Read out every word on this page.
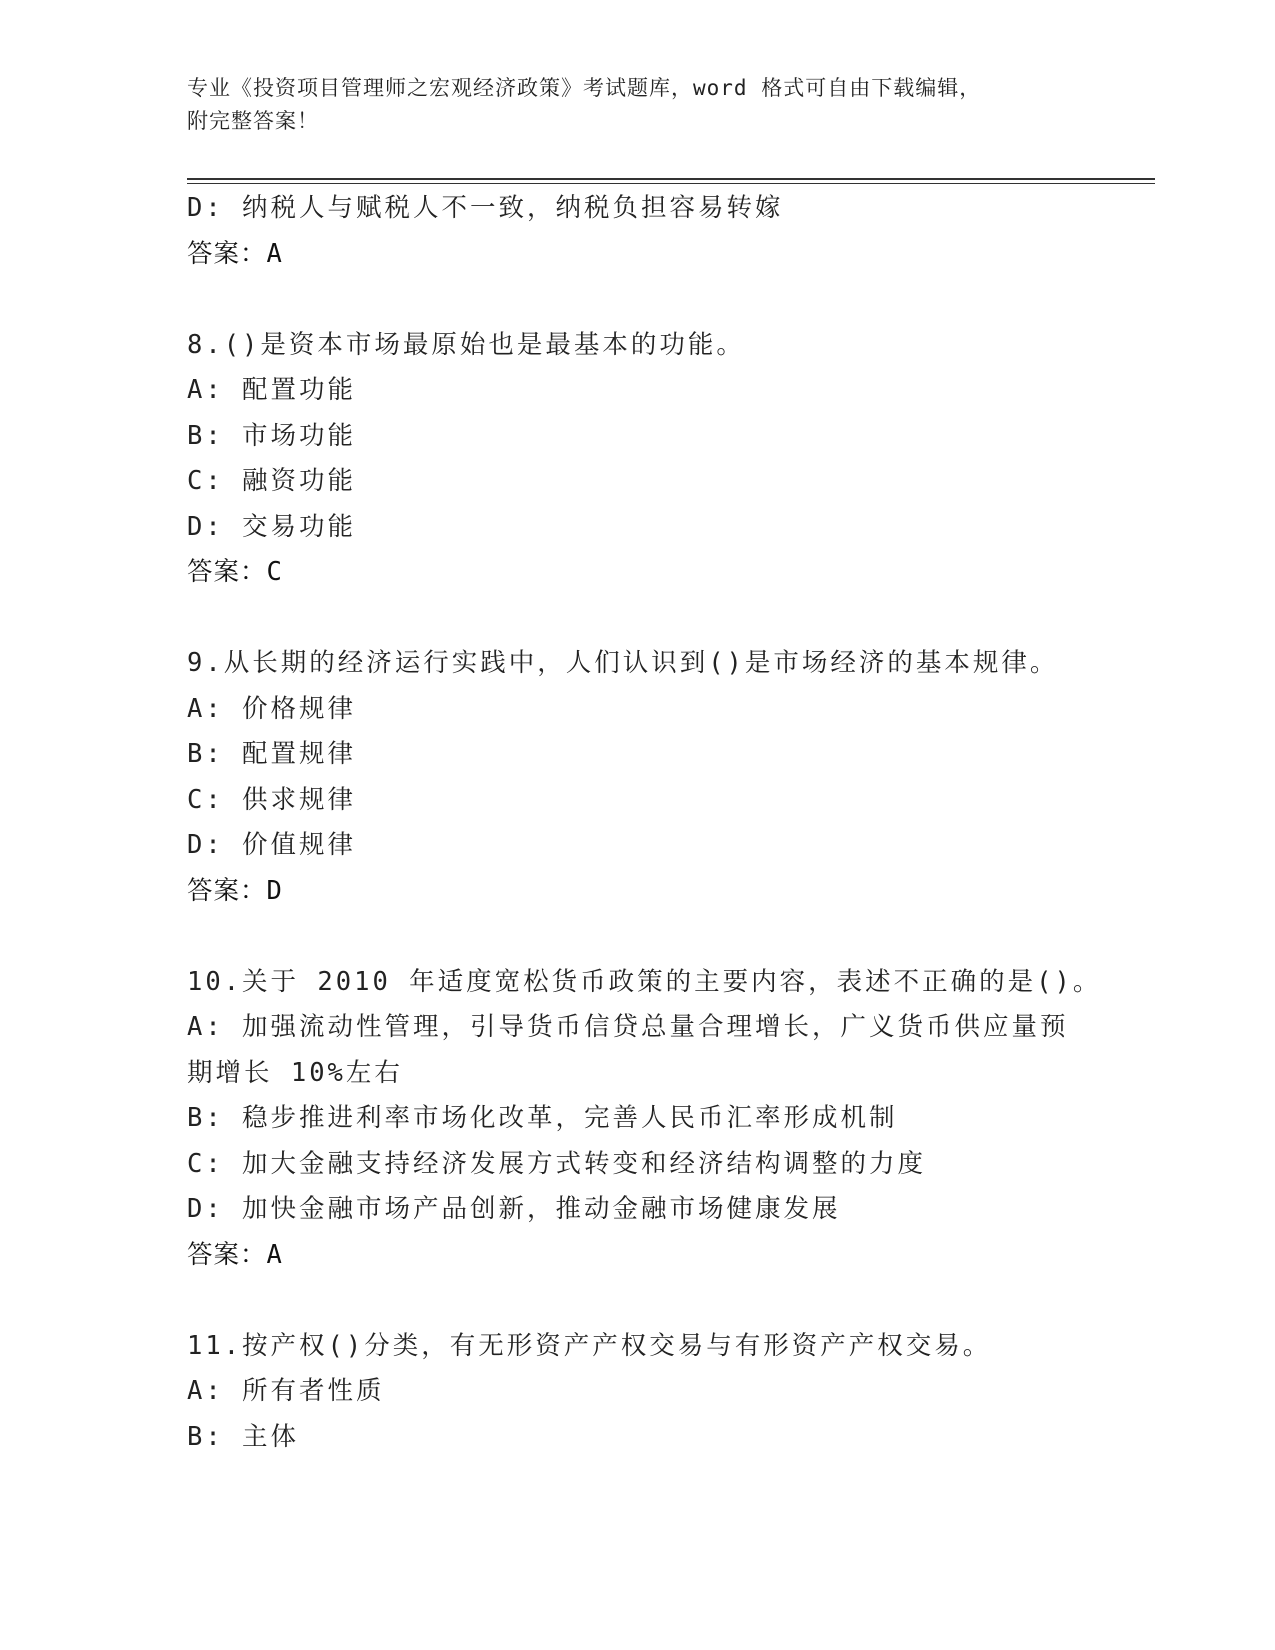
专业《投资项目管理师之宏观经济政策》考试题库，word 格式可自由下载编辑，
附完整答案！
D: 纳税人与赋税人不一致，纳税负担容易转嫁
答案：A
8.()是资本市场最原始也是最基本的功能。
A: 配置功能
B: 市场功能
C: 融资功能
D: 交易功能
答案：C
9.从长期的经济运行实践中，人们认识到()是市场经济的基本规律。
A: 价格规律
B: 配置规律
C: 供求规律
D: 价值规律
答案：D
10.关于 2010 年适度宽松货币政策的主要内容，表述不正确的是()。
A: 加强流动性管理，引导货币信贷总量合理增长，广义货币供应量预
期增长 10%左右
B: 稳步推进利率市场化改革，完善人民币汇率形成机制
C: 加大金融支持经济发展方式转变和经济结构调整的力度
D: 加快金融市场产品创新，推动金融市场健康发展
答案：A
11.按产权()分类，有无形资产产权交易与有形资产产权交易。
A: 所有者性质
B: 主体
